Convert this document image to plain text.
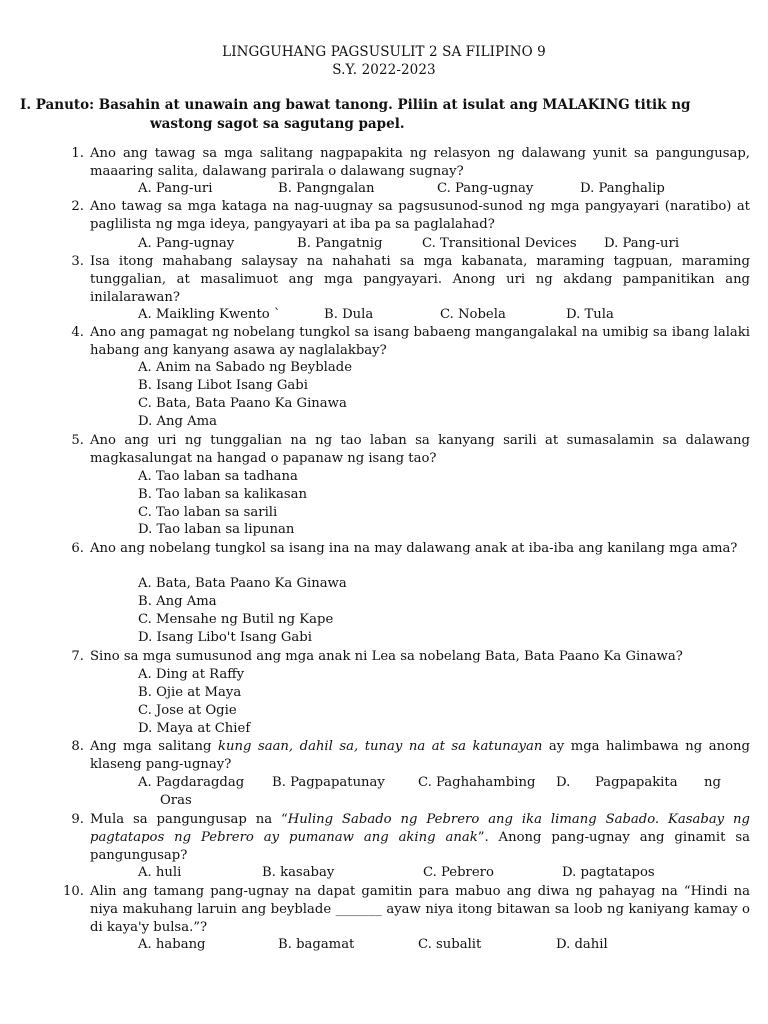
LINGGUHANG PAGSUSULIT 2 SA FILIPINO 9
S.Y. 2022-2023
I. Panuto: Basahin at unawain ang bawat tanong. Piliin at isulat ang MALAKING titik ng
wastong sagot sa sagutang papel.
1. Ano ang tawag sa mga salitang nagpapakita ng relasyon ng dalawang yunit sa pangungusap, maaaring salita, dalawang parirala o dalawang sugnay?
A. Pang-uri	B. Pangngalan	C. Pang-ugnay	D. Panghalip
2. Ano tawag sa mga kataga na nag-uugnay sa pagsusunod-sunod ng mga pangyayari (naratibo) at paglilista ng mga ideya, pangyayari at iba pa sa paglalahad?
A. Pang-ugnay	B. Pangatnig	C. Transitional Devices D. Pang-uri
3. Isa itong mahabang salaysay na nahahati sa mga kabanata, maraming tagpuan, maraming tunggalian, at masalimuot ang mga pangyayari. Anong uri ng akdang pampanitikan ang inilalarawan?
A. Maikling Kwento `	B. Dula	C. Nobela	D. Tula
4. Ano ang pamagat ng nobelang tungkol sa isang babaeng mangangalakal na umibig sa ibang lalaki habang ang kanyang asawa ay naglalakbay?
A. Anim na Sabado ng Beyblade
B. Isang Libot Isang Gabi
C. Bata, Bata Paano Ka Ginawa
D. Ang Ama
5. Ano ang uri ng tunggalian na ng tao laban sa kanyang sarili at sumasalamin sa dalawang magkasalungat na hangad o papanaw ng isang tao?
A. Tao laban sa tadhana
B. Tao laban sa kalikasan
C. Tao laban sa sarili
D. Tao laban sa lipunan
6. Ano ang nobelang tungkol sa isang ina na may dalawang anak at iba-iba ang kanilang mga ama?
A. Bata, Bata Paano Ka Ginawa
B. Ang Ama
C. Mensahe ng Butil ng Kape
D. Isang Libo't Isang Gabi
7. Sino sa mga sumusunod ang mga anak ni Lea sa nobelang Bata, Bata Paano Ka Ginawa?
A. Ding at Raffy
B. Ojie at Maya
C. Jose at Ogie
D. Maya at Chief
8. Ang mga salitang kung saan, dahil sa, tunay na at sa katunayan ay mga halimbawa ng anong klaseng pang-ugnay?
A. Pagdaragdag B. Pagpapatunay	C. Paghahambing D. Pagpapakita ng
Oras
9. Mula sa pangungusap na “Huling Sabado ng Pebrero ang ika limang Sabado. Kasabay ng pagtatapos ng Pebrero ay pumanaw ang aking anak”. Anong pang-ugnay ang ginamit sa pangungusap?
A. huli	B. kasabay	C. Pebrero	D. pagtatapos
10. Alin ang tamang pang-ugnay na dapat gamitin para mabuo ang diwa ng pahayag na “Hindi na niya makuhang laruin ang beyblade _______ ayaw niya itong bitawan sa loob ng kaniyang kamay o di kaya'y bulsa.”?
A. habang	B. bagamat	C. subalit	D. dahil
